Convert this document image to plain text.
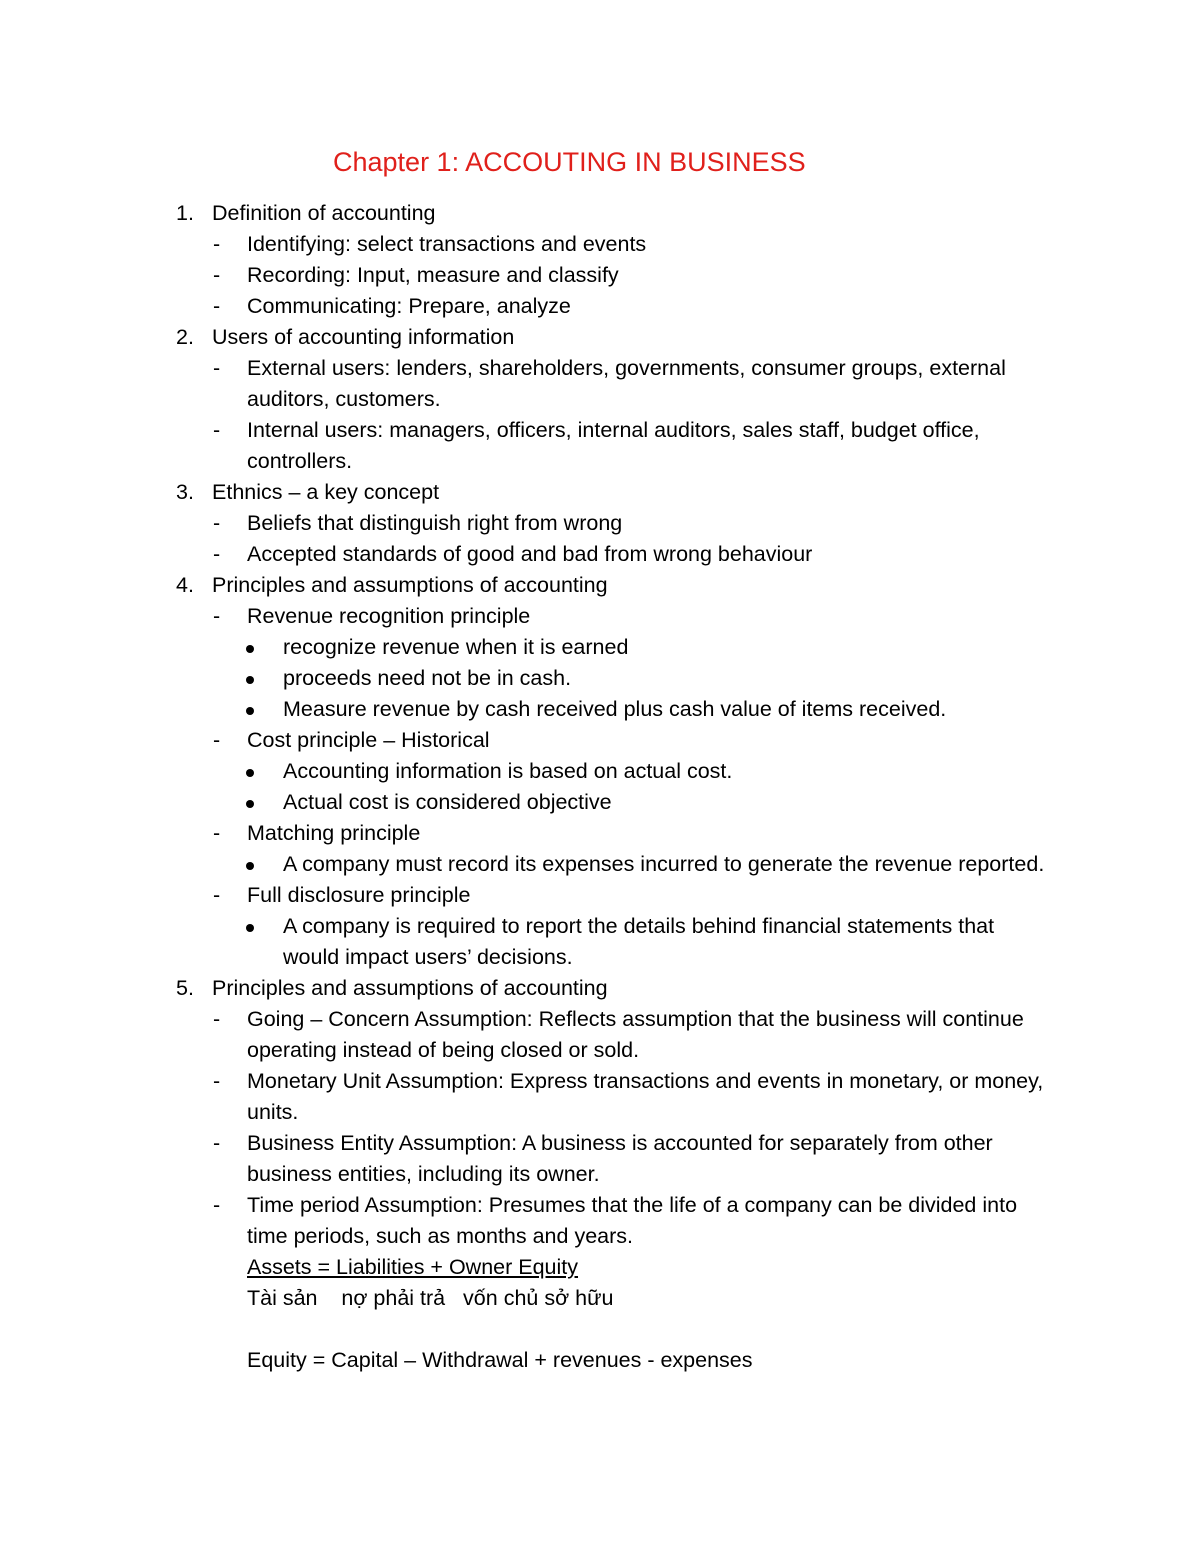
Chapter 1: ACCOUTING IN BUSINESS
1. Definition of accounting
- Identifying: select transactions and events
- Recording: Input, measure and classify
- Communicating: Prepare, analyze
2. Users of accounting information
- External users: lenders, shareholders, governments, consumer groups, external
auditors, customers.
- Internal users: managers, officers, internal auditors, sales staff, budget office,
controllers.
3. Ethnics – a key concept
- Beliefs that distinguish right from wrong
- Accepted standards of good and bad from wrong behaviour
4. Principles and assumptions of accounting
- Revenue recognition principle
recognize revenue when it is earned
proceeds need not be in cash.
Measure revenue by cash received plus cash value of items received.
- Cost principle – Historical
Accounting information is based on actual cost.
Actual cost is considered objective
- Matching principle
A company must record its expenses incurred to generate the revenue reported.
- Full disclosure principle
A company is required to report the details behind financial statements that
would impact users’ decisions.
5. Principles and assumptions of accounting
- Going – Concern Assumption: Reflects assumption that the business will continue
operating instead of being closed or sold.
- Monetary Unit Assumption: Express transactions and events in monetary, or money,
units.
- Business Entity Assumption: A business is accounted for separately from other
business entities, including its owner.
- Time period Assumption: Presumes that the life of a company can be divided into
time periods, such as months and years.
Assets = Liabilities + Owner Equity
Tài sản    nợ phải trả   vốn chủ sở hữu
Equity = Capital – Withdrawal + revenues - expenses
